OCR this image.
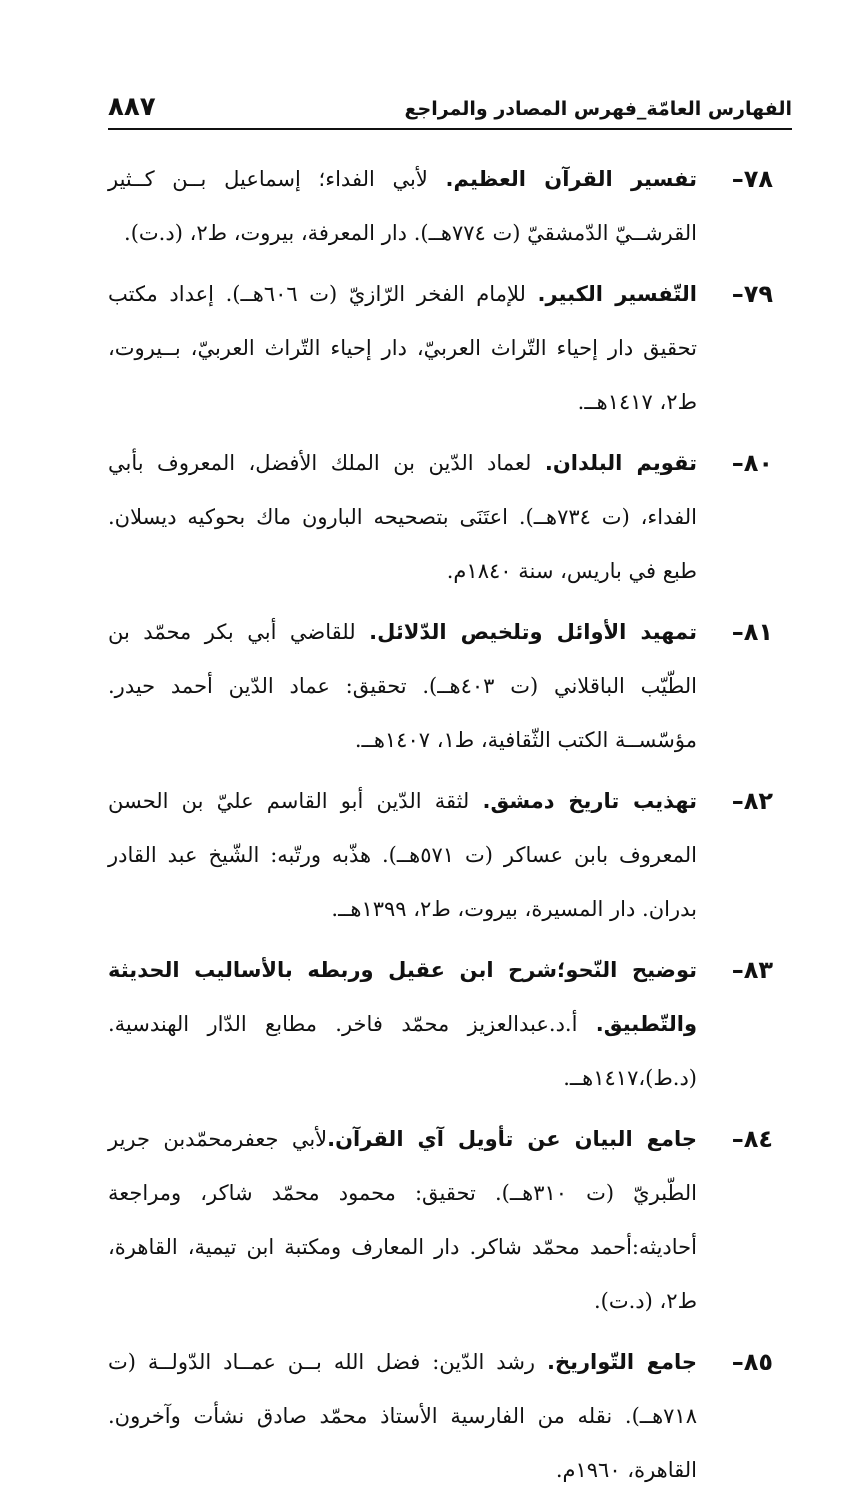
الفهارس العامّة_فهرس المصادر والمراجع
٨٨٧
٧٨–
تفسير القرآن العظيم. لأبي الفداء؛ إسماعيل بــن كــثير القرشــيّ الدّمشقيّ (ت ٧٧٤هــ). دار المعرفة، بيروت، ط٢، (د.ت).
٧٩–
التّفسير الكبير. للإمام الفخر الرّازيّ (ت ٦٠٦هــ). إعداد مكتب تحقيق دار إحياء التّراث العربيّ، دار إحياء التّراث العربيّ، بــيروت، ط٢، ١٤١٧هــ.
٨٠–
تقويم البلدان. لعماد الدّين بن الملك الأفضل، المعروف بأبي الفداء، (ت ٧٣٤هــ). اعتَنَى بتصحيحه البارون ماك بحوكيه ديسلان. طبع في باريس، سنة ١٨٤٠م.
٨١–
تمهيد الأوائل وتلخيص الدّلائل. للقاضي أبي بكر محمّد بن الطّيّب الباقلاني (ت ٤٠٣هــ). تحقيق: عماد الدّين أحمد حيدر. مؤسّســة الكتب الثّقافية، ط١، ١٤٠٧هــ.
٨٢–
تهذيب تاريخ دمشق. لثقة الدّين أبو القاسم عليّ بن الحسن المعروف بابن عساكر (ت ٥٧١هــ). هذّبه ورتّبه: الشّيخ عبد القادر بدران. دار المسيرة، بيروت، ط٢، ١٣٩٩هــ.
٨٣–
توضيح النّحو؛شرح ابن عقيل وربطه بالأساليب الحديثة والتّطبيق. أ.د.عبدالعزيز محمّد فاخر. مطابع الدّار الهندسية.(د.ط)،١٤١٧هــ.
٨٤–
جامع البيان عن تأويل آي القرآن.لأبي جعفرمحمّدبن جرير الطّبريّ (ت ٣١٠هــ). تحقيق: محمود محمّد شاكر، ومراجعة أحاديثه:أحمد محمّد شاكر. دار المعارف ومكتبة ابن تيمية، القاهرة، ط٢، (د.ت).
٨٥–
جامع التّواريخ. رشد الدّين: فضل الله بــن عمــاد الدّولــة (ت ٧١٨هــ). نقله من الفارسية الأستاذ محمّد صادق نشأت وآخرون. القاهرة، ١٩٦٠م.
